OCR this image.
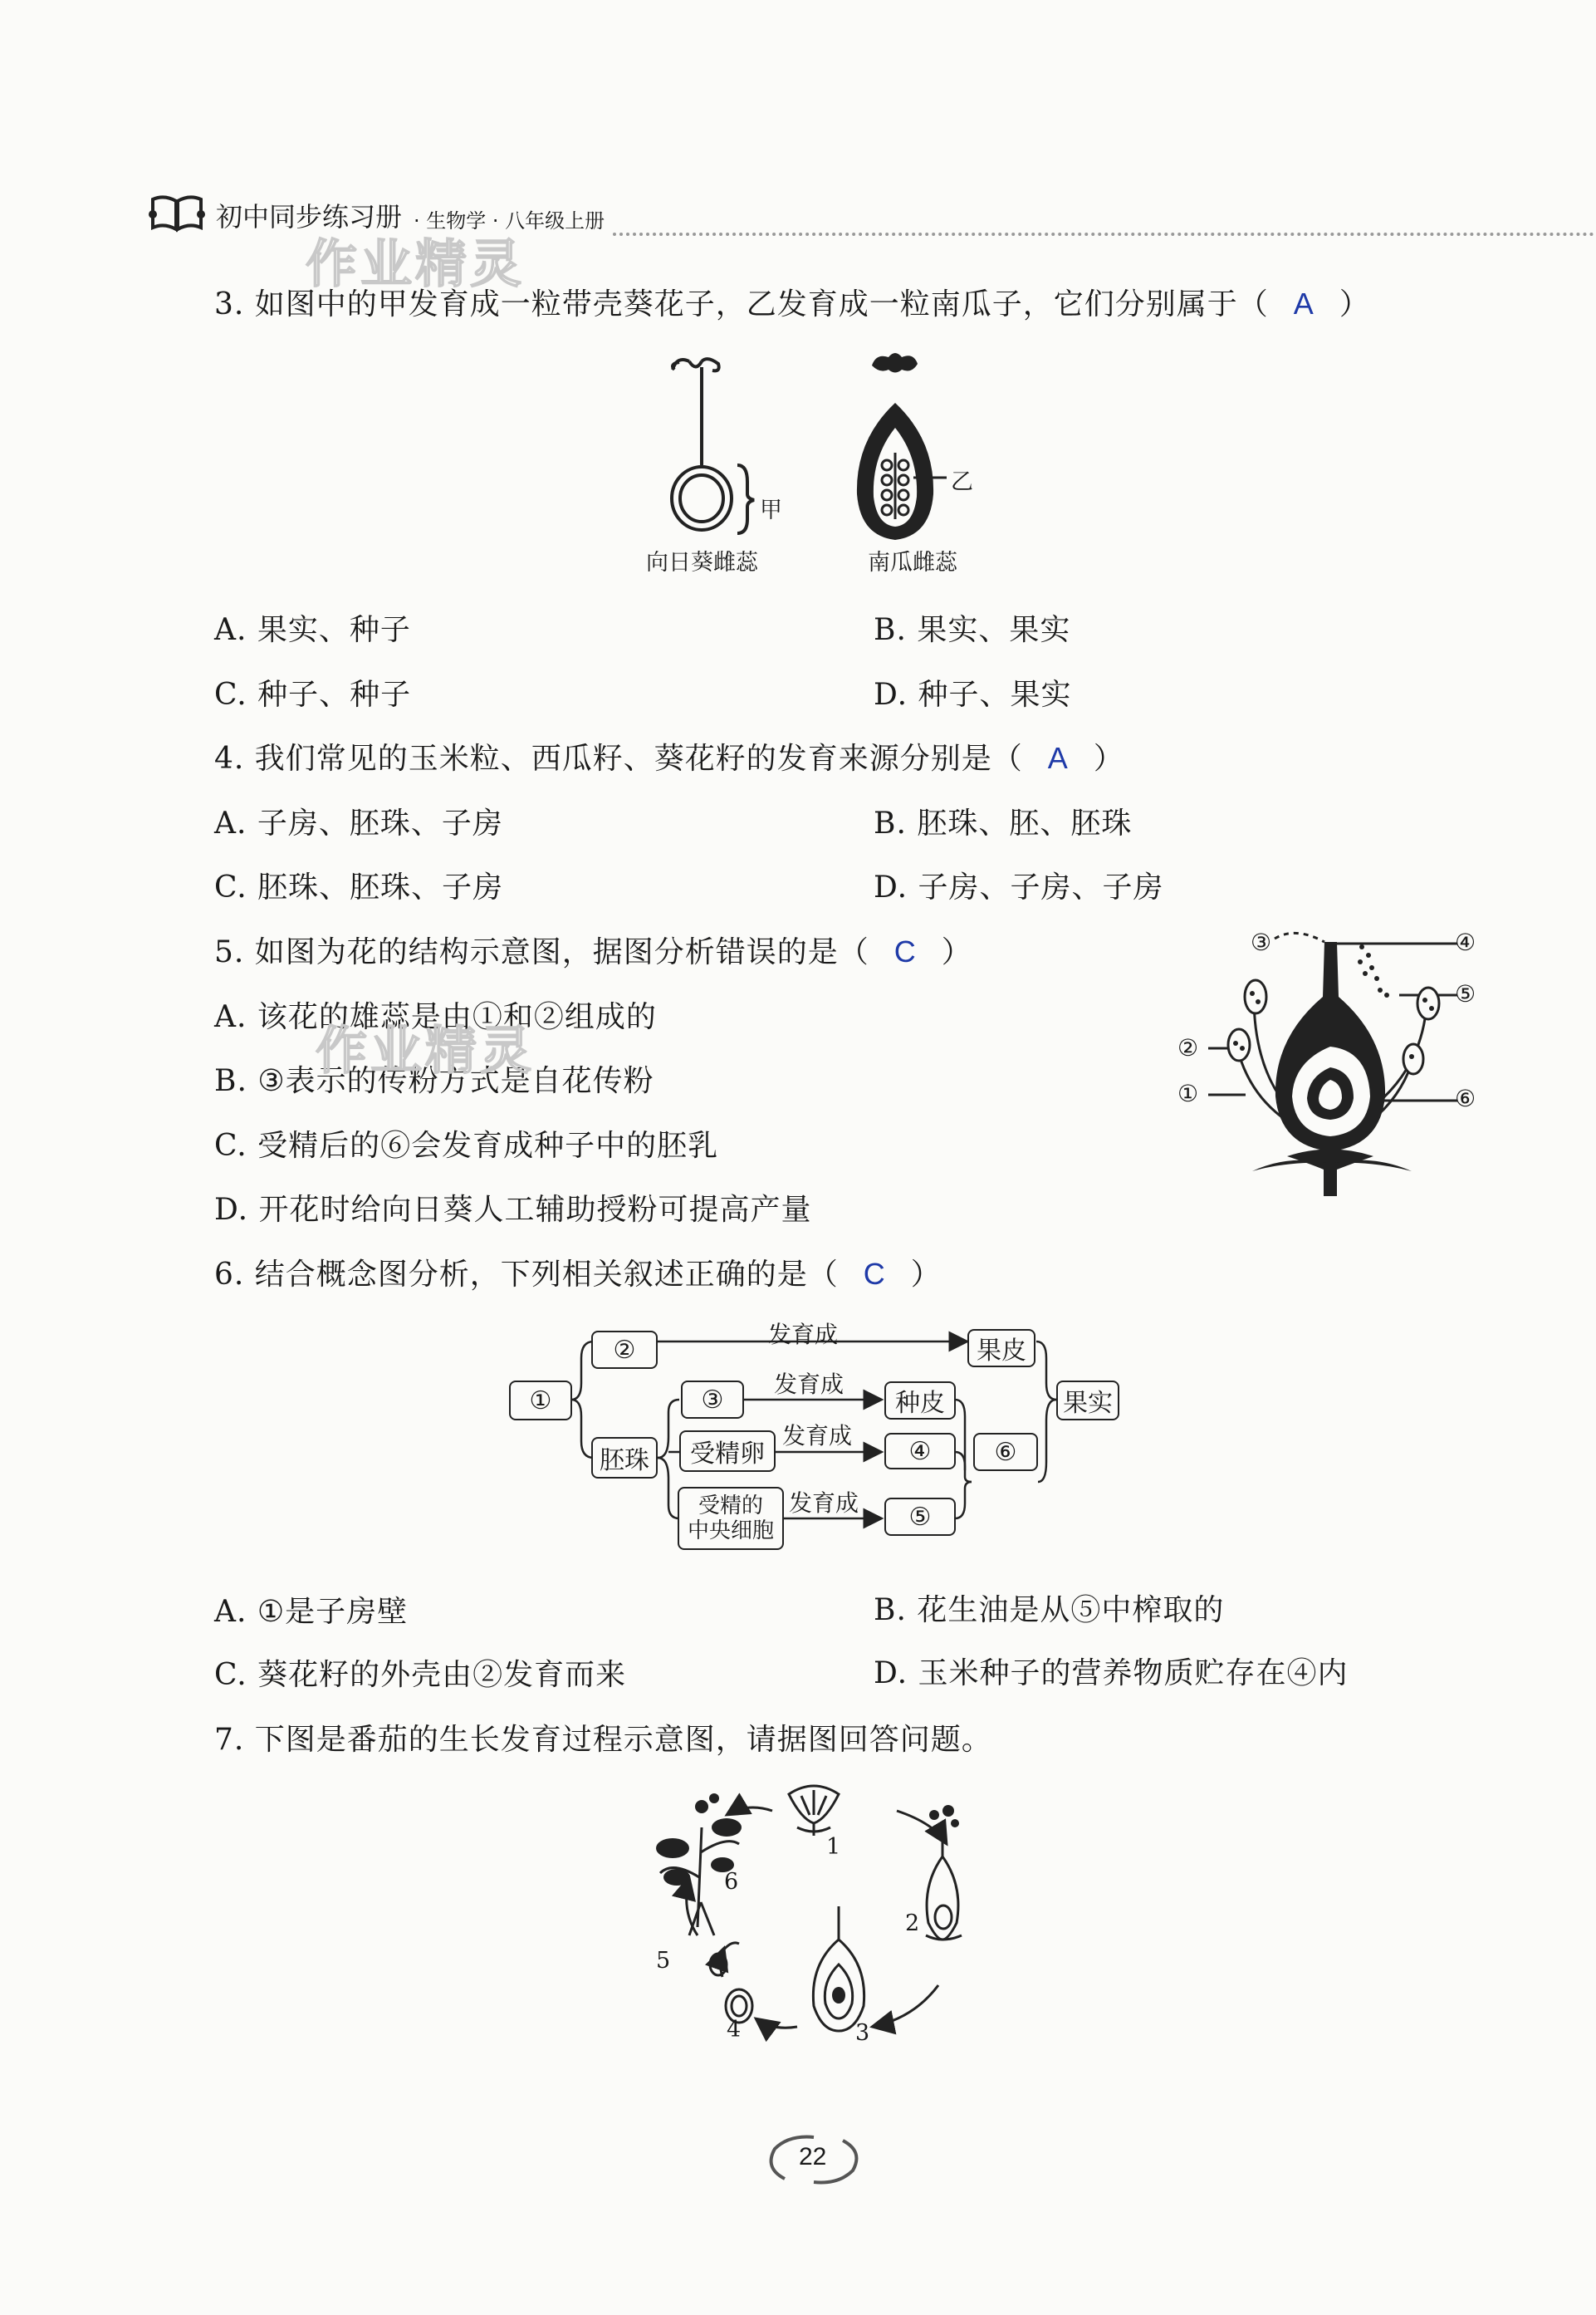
初中同步练习册 · 生物学 · 八年级上册
作业精灵
3. 如图中的甲发育成一粒带壳葵花子，乙发育成一粒南瓜子，它们分别属于（ A ）
甲
乙
向日葵雌蕊	南瓜雌蕊
A. 果实、种子	B. 果实、果实
C. 种子、种子	D. 种子、果实
4. 我们常见的玉米粒、西瓜籽、葵花籽的发育来源分别是（ A ）
A. 子房、胚珠、子房	B. 胚珠、胚、胚珠
C. 胚珠、胚珠、子房	D. 子房、子房、子房
5. 如图为花的结构示意图，据图分析错误的是（ C ）
A. 该花的雄蕊是由①和②组成的
B. ③表示的传粉方式是自花传粉
C. 受精后的⑥会发育成种子中的胚乳
D. 开花时给向日葵人工辅助授粉可提高产量
作业精灵
③	④
⑤
②
①	⑥
6. 结合概念图分析，下列相关叙述正确的是（ C ）
①
②
胚珠
③
受精卵
受精的
中央细胞
果皮
种皮
④
⑤
⑥
果实
发育成
发育成
发育成
发育成
A. ①是子房壁	B. 花生油是从⑤中榨取的
C. 葵花籽的外壳由②发育而来	D. 玉米种子的营养物质贮存在④内
7. 下图是番茄的生长发育过程示意图，请据图回答问题。
1
2
3
4
5
6
22
